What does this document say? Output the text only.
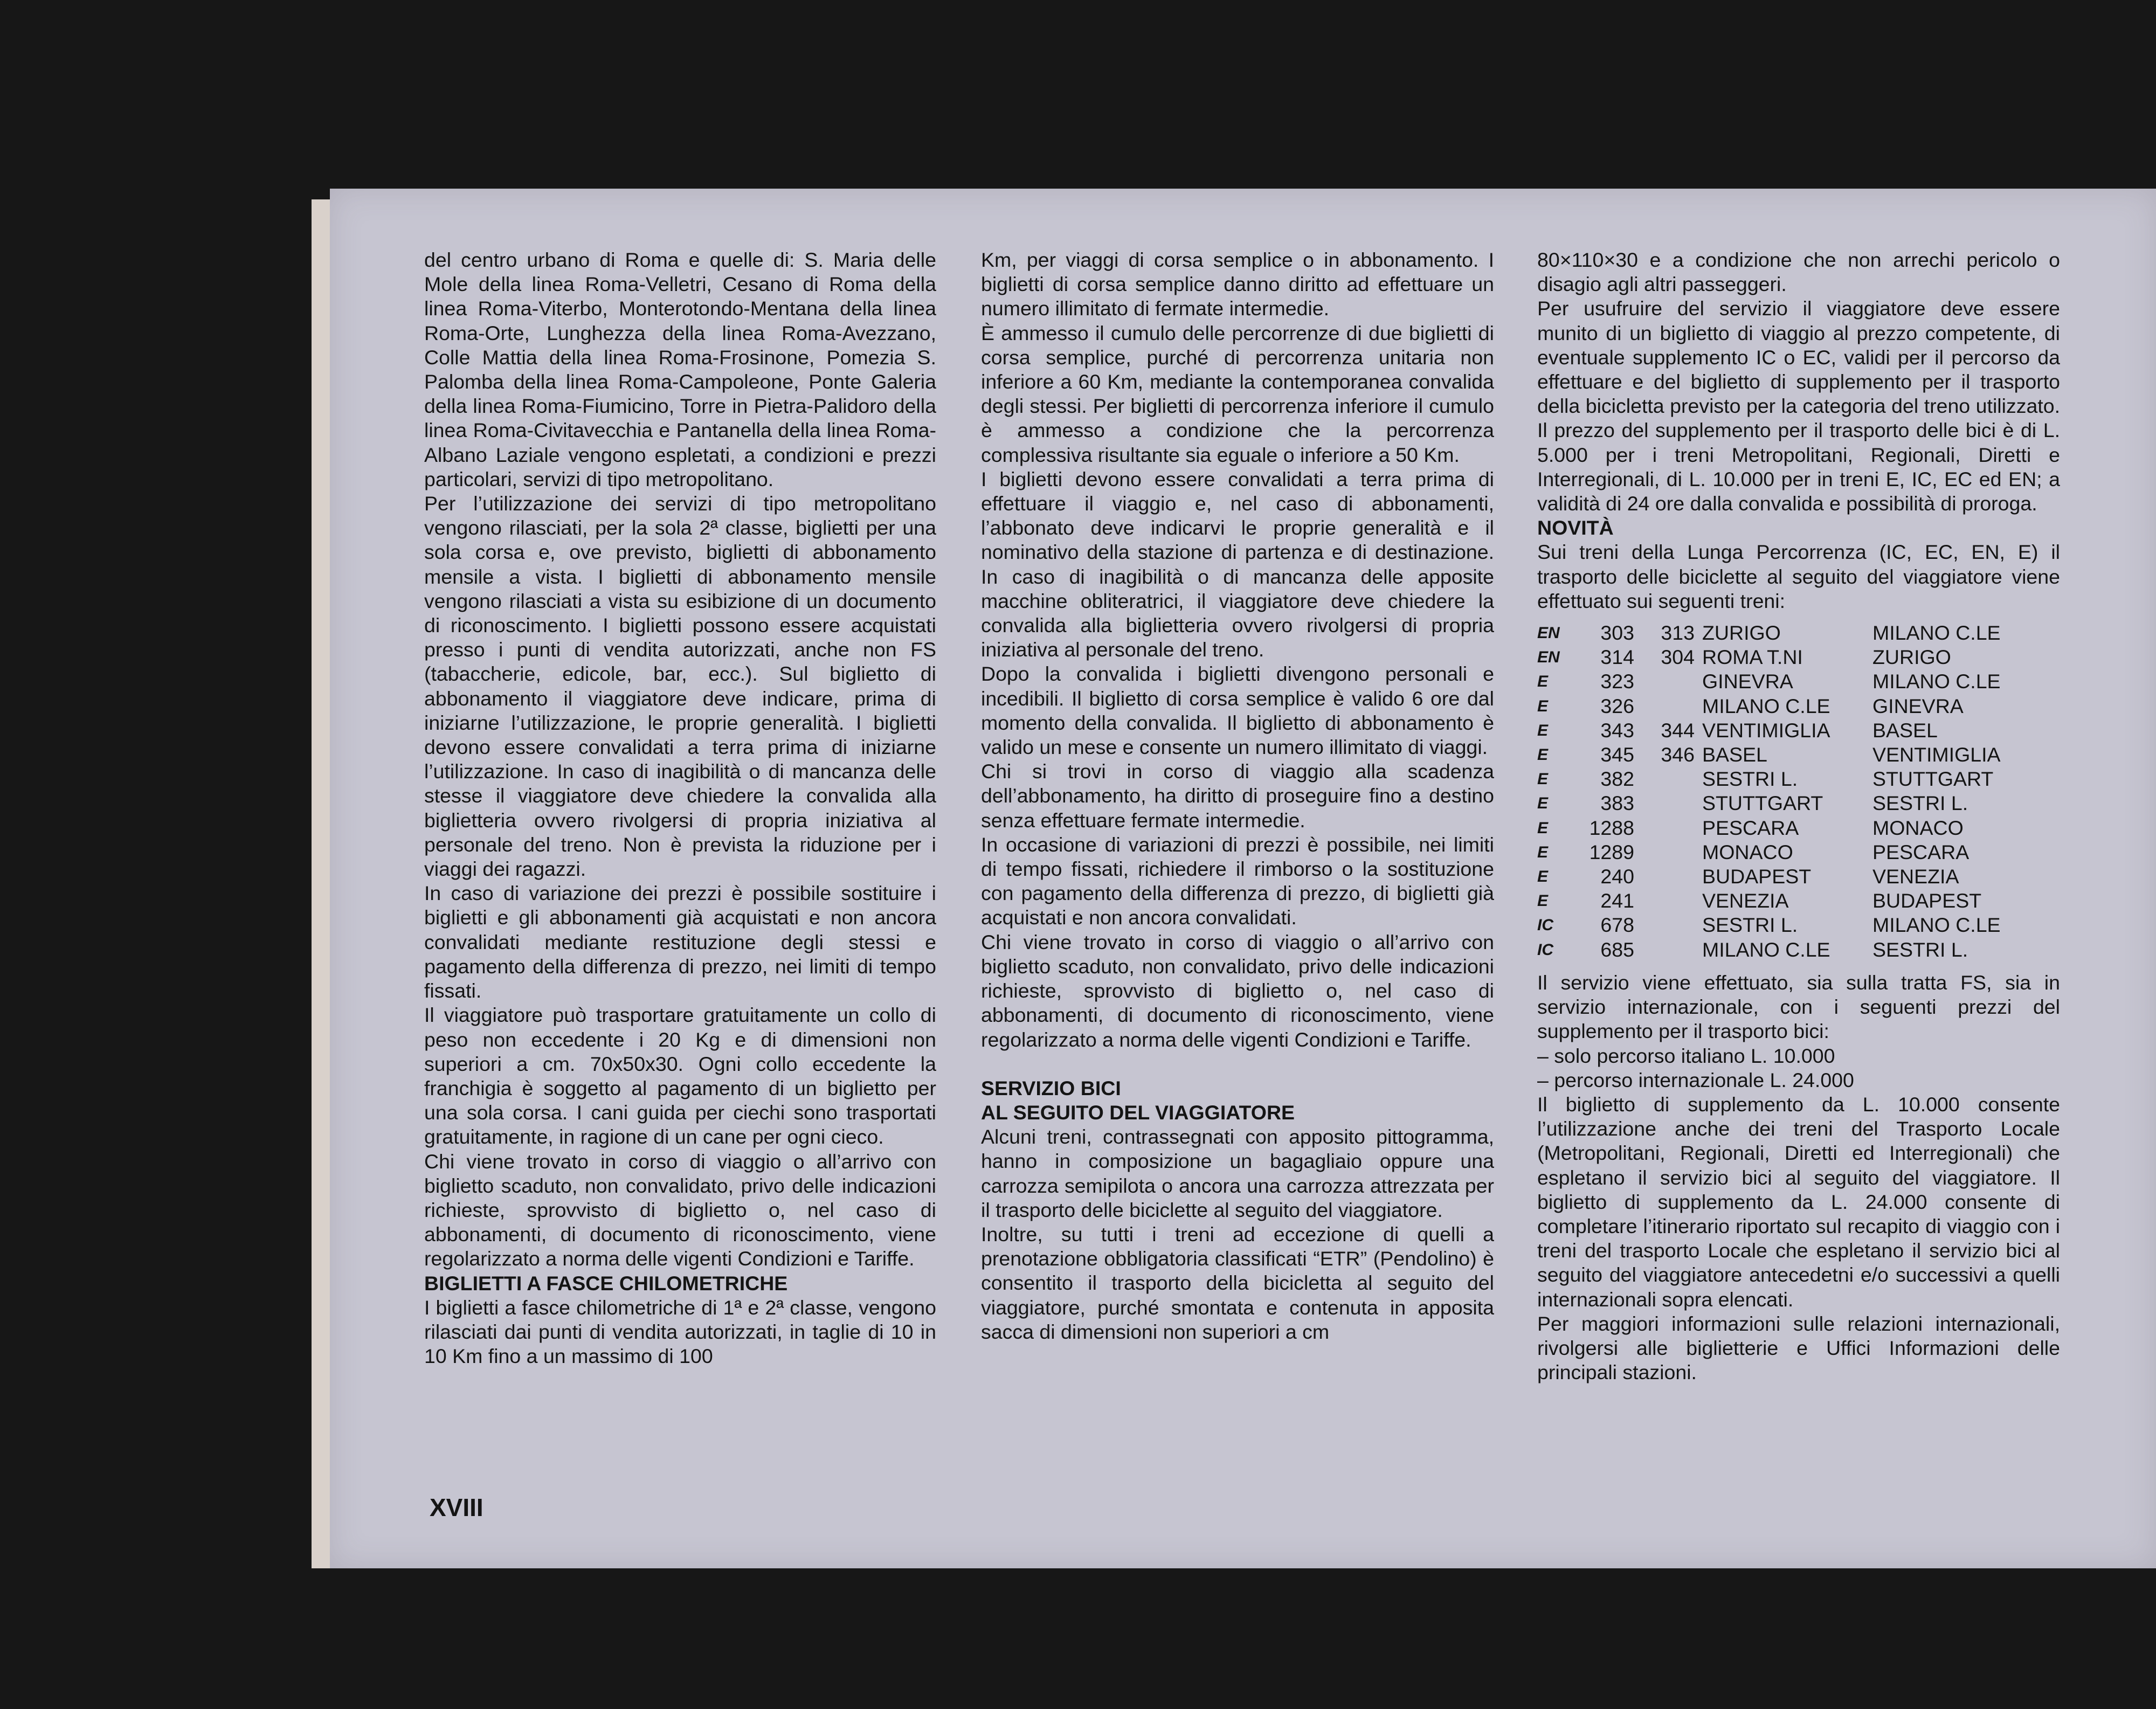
del centro urbano di Roma e quelle di: S. Maria delle Mole della linea Roma-Velletri, Cesano di Roma della linea Roma-Viterbo, Monterotondo-Mentana della linea Roma-Orte, Lunghezza della linea Roma-Avezzano, Colle Mattia della linea Roma-Frosinone, Pomezia S. Palomba della linea Roma-Campoleone, Ponte Galeria della linea Roma-Fiumicino, Torre in Pietra-Palidoro della linea Roma-Civitavecchia e Pantanella della linea Roma-Albano Laziale vengono espletati, a condizioni e prezzi particolari, servizi di tipo metropolitano.

Per l’utilizzazione dei servizi di tipo metropolitano vengono rilasciati, per la sola 2ª classe, biglietti per una sola corsa e, ove previsto, biglietti di abbonamento mensile a vista. I biglietti di abbonamento mensile vengono rilasciati a vista su esibizione di un documento di riconoscimento. I biglietti possono essere acquistati presso i punti di vendita autorizzati, anche non FS (tabaccherie, edicole, bar, ecc.). Sul biglietto di abbonamento il viaggiatore deve indicare, prima di iniziarne l’utilizzazione, le proprie generalità. I biglietti devono essere convalidati a terra prima di iniziarne l’utilizzazione. In caso di inagibilità o di mancanza delle stesse il viaggiatore deve chiedere la convalida alla biglietteria ovvero rivolgersi di propria iniziativa al personale del treno. Non è prevista la riduzione per i viaggi dei ragazzi.

In caso di variazione dei prezzi è possibile sostituire i biglietti e gli abbonamenti già acquistati e non ancora convalidati mediante restituzione degli stessi e pagamento della differenza di prezzo, nei limiti di tempo fissati.

Il viaggiatore può trasportare gratuitamente un collo di peso non eccedente i 20 Kg e di dimensioni non superiori a cm. 70x50x30. Ogni collo eccedente la franchigia è soggetto al pagamento di un biglietto per una sola corsa. I cani guida per ciechi sono trasportati gratuitamente, in ragione di un cane per ogni cieco.

Chi viene trovato in corso di viaggio o all’arrivo con biglietto scaduto, non convalidato, privo delle indicazioni richieste, sprovvisto di biglietto o, nel caso di abbonamenti, di documento di riconoscimento, viene regolarizzato a norma delle vigenti Condizioni e Tariffe.

BIGLIETTI A FASCE CHILOMETRICHE

I biglietti a fasce chilometriche di 1ª e 2ª classe, vengono rilasciati dai punti di vendita autorizzati, in taglie di 10 in 10 Km fino a un massimo di 100

Km, per viaggi di corsa semplice o in abbonamento. I biglietti di corsa semplice danno diritto ad effettuare un numero illimitato di fermate intermedie.

È ammesso il cumulo delle percorrenze di due biglietti di corsa semplice, purché di percorrenza unitaria non inferiore a 60 Km, mediante la contemporanea convalida degli stessi. Per biglietti di percorrenza inferiore il cumulo è ammesso a condizione che la percorrenza complessiva risultante sia eguale o inferiore a 50 Km.

I biglietti devono essere convalidati a terra prima di effettuare il viaggio e, nel caso di abbonamenti, l’abbonato deve indicarvi le proprie generalità e il nominativo della stazione di partenza e di destinazione. In caso di inagibilità o di mancanza delle apposite macchine obliteratrici, il viaggiatore deve chiedere la convalida alla biglietteria ovvero rivolgersi di propria iniziativa al personale del treno.

Dopo la convalida i biglietti divengono personali e incedibili. Il biglietto di corsa semplice è valido 6 ore dal momento della convalida. Il biglietto di abbonamento è valido un mese e consente un numero illimitato di viaggi.

Chi si trovi in corso di viaggio alla scadenza dell’abbonamento, ha diritto di proseguire fino a destino senza effettuare fermate intermedie.

In occasione di variazioni di prezzi è possibile, nei limiti di tempo fissati, richiedere il rimborso o la sostituzione con pagamento della differenza di prezzo, di biglietti già acquistati e non ancora convalidati.

Chi viene trovato in corso di viaggio o all’arrivo con biglietto scaduto, non convalidato, privo delle indicazioni richieste, sprovvisto di biglietto o, nel caso di abbonamenti, di documento di riconoscimento, viene regolarizzato a norma delle vigenti Condizioni e Tariffe.

SERVIZIO BICI

AL SEGUITO DEL VIAGGIATORE

Alcuni treni, contrassegnati con apposito pittogramma, hanno in composizione un bagagliaio oppure una carrozza semipilota o ancora una carrozza attrezzata per il trasporto delle biciclette al seguito del viaggiatore.

Inoltre, su tutti i treni ad eccezione di quelli a prenotazione obbligatoria classificati “ETR” (Pendolino) è consentito il trasporto della bicicletta al seguito del viaggiatore, purché smontata e contenuta in apposita sacca di dimensioni non superiori a cm

80×110×30 e a condizione che non arrechi pericolo o disagio agli altri passeggeri.

Per usufruire del servizio il viaggiatore deve essere munito di un biglietto di viaggio al prezzo competente, di eventuale supplemento IC o EC, validi per il percorso da effettuare e del biglietto di supplemento per il trasporto della bicicletta previsto per la categoria del treno utilizzato. Il prezzo del supplemento per il trasporto delle bici è di L. 5.000 per i treni Metropolitani, Regionali, Diretti e Interregionali, di L. 10.000 per in treni E, IC, EC ed EN; a validità di 24 ore dalla convalida e possibilità di proroga.

NOVITÀ

Sui treni della Lunga Percorrenza (IC, EC, EN, E) il trasporto delle biciclette al seguito del viaggiatore viene effettuato sui seguenti treni:

EN	303	313	ZURIGO	MILANO C.LE
EN	314	304	ROMA T.NI	ZURIGO
E	323		GINEVRA	MILANO C.LE
E	326		MILANO C.LE	GINEVRA
E	343	344	VENTIMIGLIA	BASEL
E	345	346	BASEL	VENTIMIGLIA
E	382		SESTRI L.	STUTTGART
E	383		STUTTGART	SESTRI L.
E	1288		PESCARA	MONACO
E	1289		MONACO	PESCARA
E	240		BUDAPEST	VENEZIA
E	241		VENEZIA	BUDAPEST
IC	678		SESTRI L.	MILANO C.LE
IC	685		MILANO C.LE	SESTRI L.

Il servizio viene effettuato, sia sulla tratta FS, sia in servizio internazionale, con i seguenti prezzi del supplemento per il trasporto bici:

– solo percorso italiano L. 10.000

– percorso internazionale L. 24.000

Il biglietto di supplemento da L. 10.000 consente l’utilizzazione anche dei treni del Trasporto Locale (Metropolitani, Regionali, Diretti ed Interregionali) che espletano il servizio bici al seguito del viaggiatore. Il biglietto di supplemento da L. 24.000 consente di completare l’itinerario riportato sul recapito di viaggio con i treni del trasporto Locale che espletano il servizio bici al seguito del viaggiatore antecedetni e/o successivi a quelli internazionali sopra elencati.

Per maggiori informazioni sulle relazioni internazionali, rivolgersi alle biglietterie e Uffici Informazioni delle principali stazioni.

XVIII
